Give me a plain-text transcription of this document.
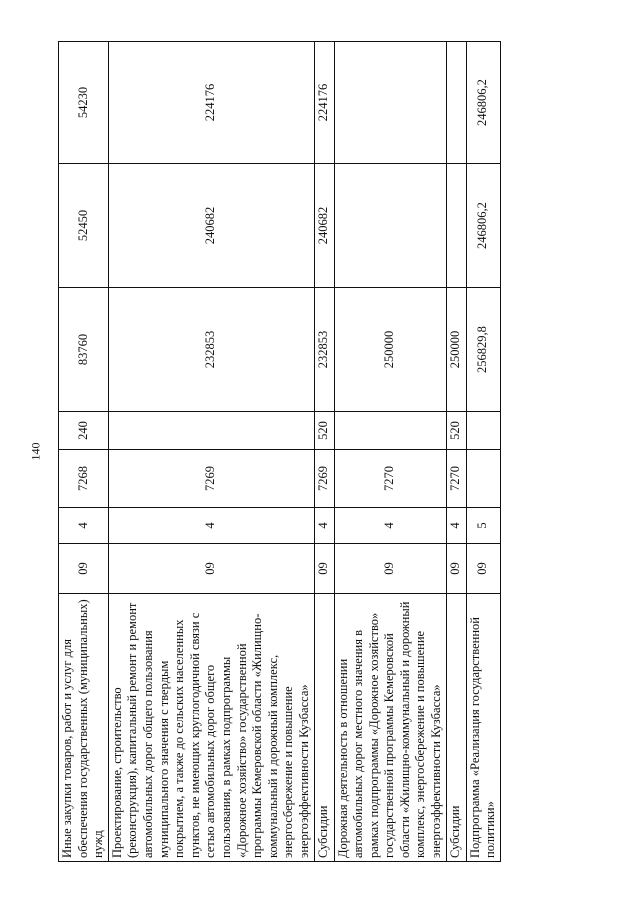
140
Иные закупки товаров, работ и услуг для обеспечения государственных (муниципальных) нужд	09	4	7268	240	83760	52450	54230
Проектирование, строительство (реконструкция), капитальный ремонт и ремонт автомобильных дорог общего пользования муниципального значения с твердым покрытием, а также до сельских населенных пунктов, не имеющих круглогодичной связи с сетью автомобильных дорог общего пользования, в рамках подпрограммы «Дорожное хозяйство» государственной программы Кемеровской области «Жилищно-коммунальный и дорожный комплекс, энергосбережение и повышение энергоэффективности Кузбасса»	09	4	7269		232853	240682	224176
Субсидии	09	4	7269	520	232853	240682	224176
Дорожная деятельность в отношении автомобильных дорог местного значения в рамках подпрограммы «Дорожное хозяйство» государственной программы Кемеровской области «Жилищно-коммунальный и дорожный комплекс, энергосбережение и повышение энергоэффективности Кузбасса»	09	4	7270		250000		
Субсидии	09	4	7270	520	250000		
Подпрограмма «Реализация государственной политики»	09	5			256829,8	246806,2	246806,2
